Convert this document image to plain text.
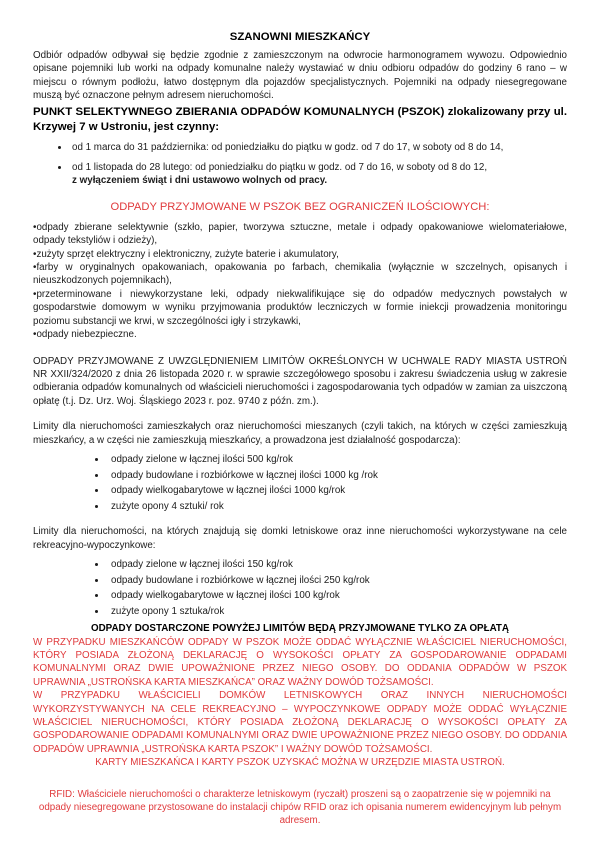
SZANOWNI MIESZKAŃCY

Odbiór odpadów odbywał się będzie zgodnie z zamieszczonym na odwrocie harmonogramem wywozu. Odpowiednio opisane pojemniki lub worki na odpady komunalne należy wystawiać w dniu odbioru odpadów do godziny 6 rano – w miejscu o równym podłożu, łatwo dostępnym dla pojazdów specjalistycznych. Pojemniki na odpady niesegregowane muszą być oznaczone pełnym adresem nieruchomości.

PUNKT SELEKTYWNEGO ZBIERANIA ODPADÓW KOMUNALNYCH (PSZOK) zlokalizowany przy ul. Krzywej 7 w Ustroniu, jest czynny:

• od 1 marca do 31 października: od poniedziałku do piątku w godz. od 7 do 17, w soboty od 8 do 14,
• od 1 listopada do 28 lutego: od poniedziałku do piątku w godz. od 7 do 16, w soboty od 8 do 12,
z wyłączeniem świąt i dni ustawowo wolnych od pracy.

ODPADY PRZYJMOWANE W PSZOK BEZ OGRANICZEŃ ILOŚCIOWYCH:

• odpady zbierane selektywnie (szkło, papier, tworzywa sztuczne, metale i odpady opakowaniowe wielomateriałowe, odpady tekstyliów i odzieży),

• zużyty sprzęt elektryczny i elektroniczny, zużyte baterie i akumulatory,

• farby w oryginalnych opakowaniach, opakowania po farbach, chemikalia (wyłącznie w szczelnych, opisanych i nieuszkodzonych pojemnikach),

• przeterminowane i niewykorzystane leki, odpady niekwalifikujące się do odpadów medycznych powstałych w gospodarstwie domowym w wyniku przyjmowania produktów leczniczych w formie iniekcji prowadzenia monitoringu poziomu substancji we krwi, w szczególności igły i strzykawki,

• odpady niebezpieczne.

ODPADY PRZYJMOWANE Z UWZGLĘDNIENIEM LIMITÓW OKREŚLONYCH W UCHWALE RADY MIASTA USTROŃ NR XXII/324/2020 z dnia 26 listopada 2020 r. w sprawie szczegółowego sposobu i zakresu świadczenia usług w zakresie odbierania odpadów komunalnych od właścicieli nieruchomości i zagospodarowania tych odpadów w zamian za uiszczoną opłatę (t.j. Dz. Urz. Woj. Śląskiego 2023 r. poz. 9740 z późn. zm.).

Limity dla nieruchomości zamieszkałych oraz nieruchomości mieszanych (czyli takich, na których w części zamieszkują mieszkańcy, a w części nie zamieszkują mieszkańcy, a prowadzona jest działalność gospodarcza):

• odpady zielone w łącznej ilości 500 kg/rok
• odpady budowlane i rozbiórkowe w łącznej ilości 1000 kg /rok
• odpady wielkogabarytowe w łącznej ilości 1000 kg/rok
• zużyte opony 4 sztuki/ rok

Limity dla nieruchomości, na których znajdują się domki letniskowe oraz inne nieruchomości wykorzystywane na cele rekreacyjno-wypoczynkowe:

• odpady zielone w łącznej ilości 150 kg/rok
• odpady budowlane i rozbiórkowe w łącznej ilości 250 kg/rok
• odpady wielkogabarytowe w łącznej ilości 100 kg/rok
• zużyte opony 1 sztuka/rok

ODPADY DOSTARCZONE POWYŻEJ LIMITÓW BĘDĄ PRZYJMOWANE TYLKO ZA OPŁATĄ

W PRZYPADKU MIESZKAŃCÓW ODPADY W PSZOK MOŻE ODDAĆ WYŁĄCZNIE WŁAŚCICIEL NIERUCHOMOŚCI, KTÓRY POSIADA ZŁOŻONĄ DEKLARACJĘ O WYSOKOŚCI OPŁATY ZA GOSPODAROWANIE ODPADAMI KOMUNALNYMI ORAZ DWIE UPOWAŻNIONE PRZEZ NIEGO OSOBY. DO ODDANIA ODPADÓW W PSZOK UPRAWNIA „USTROŃSKA KARTA MIESZKAŃCA” ORAZ WAŻNY DOWÓD TOŻSAMOŚCI.

W PRZYPADKU WŁAŚCICIELI DOMKÓW LETNISKOWYCH ORAZ INNYCH NIERUCHOMOŚCI WYKORZYSTYWANYCH NA CELE REKREACYJNO – WYPOCZYNKOWE ODPADY MOŻE ODDAĆ WYŁĄCZNIE WŁAŚCICIEL NIERUCHOMOŚCI, KTÓRY POSIADA ZŁOŻONĄ DEKLARACJĘ O WYSOKOŚCI OPŁATY ZA GOSPODAROWANIE ODPADAMI KOMUNALNYMI ORAZ DWIE UPOWAŻNIONE PRZEZ NIEGO OSOBY. DO ODDANIA ODPADÓW UPRAWNIA „USTROŃSKA KARTA PSZOK” I WAŻNY DOWÓD TOŻSAMOŚCI.

KARTY MIESZKAŃCA I KARTY PSZOK UZYSKAĆ MOŻNA W URZĘDZIE MIASTA USTROŃ.

RFID: Właściciele nieruchomości o charakterze letniskowym (ryczałt) proszeni są o zaopatrzenie się w pojemniki na odpady niesegregowane przystosowane do instalacji chipów RFID oraz ich opisania numerem ewidencyjnym lub pełnym adresem.
